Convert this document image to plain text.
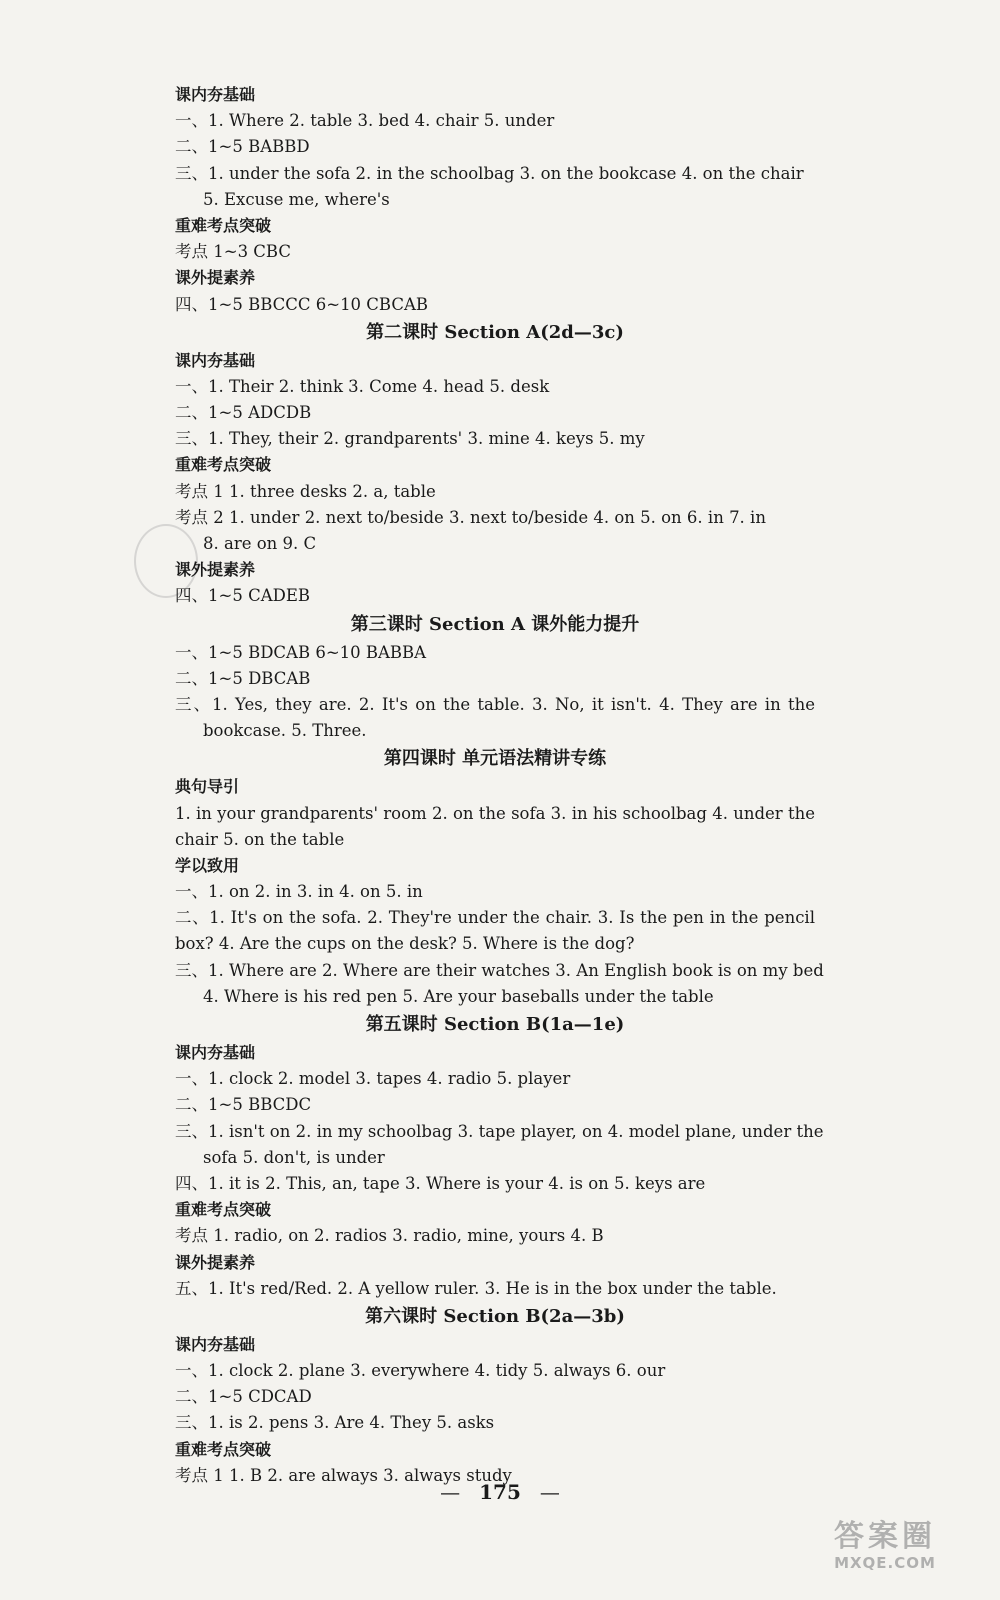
课内夯基础
一、1. Where 2. table 3. bed 4. chair 5. under
二、1~5 BABBD
三、1. under the sofa 2. in the schoolbag 3. on the bookcase 4. on the chair
5. Excuse me, where's
重难考点突破
考点 1~3 CBC
课外提素养
四、1~5 BBCCC 6~10 CBCAB
第二课时 Section A(2d—3c)
课内夯基础
一、1. Their 2. think 3. Come 4. head 5. desk
二、1~5 ADCDB
三、1. They, their 2. grandparents' 3. mine 4. keys 5. my
重难考点突破
考点 1 1. three desks 2. a, table
考点 2 1. under 2. next to/beside 3. next to/beside 4. on 5. on 6. in 7. in
8. are on 9. C
课外提素养
四、1~5 CADEB
第三课时 Section A 课外能力提升
一、1~5 BDCAB 6~10 BABBA
二、1~5 DBCAB
三、1. Yes, they are. 2. It's on the table. 3. No, it isn't. 4. They are in the
bookcase. 5. Three.
第四课时 单元语法精讲专练
典句导引
1. in your grandparents' room 2. on the sofa 3. in his schoolbag 4. under the
chair 5. on the table
学以致用
一、1. on 2. in 3. in 4. on 5. in
二、1. It's on the sofa. 2. They're under the chair. 3. Is the pen in the pencil
box? 4. Are the cups on the desk? 5. Where is the dog?
三、1. Where are 2. Where are their watches 3. An English book is on my bed
4. Where is his red pen 5. Are your baseballs under the table
第五课时 Section B(1a—1e)
课内夯基础
一、1. clock 2. model 3. tapes 4. radio 5. player
二、1~5 BBCDC
三、1. isn't on 2. in my schoolbag 3. tape player, on 4. model plane, under the
sofa 5. don't, is under
四、1. it is 2. This, an, tape 3. Where is your 4. is on 5. keys are
重难考点突破
考点 1. radio, on 2. radios 3. radio, mine, yours 4. B
课外提素养
五、1. It's red/Red. 2. A yellow ruler. 3. He is in the box under the table.
第六课时 Section B(2a—3b)
课内夯基础
一、1. clock 2. plane 3. everywhere 4. tidy 5. always 6. our
二、1~5 CDCAD
三、1. is 2. pens 3. Are 4. They 5. asks
重难考点突破
考点 1 1. B 2. are always 3. always study
— 175 —
答案圈
MXQE.COM
